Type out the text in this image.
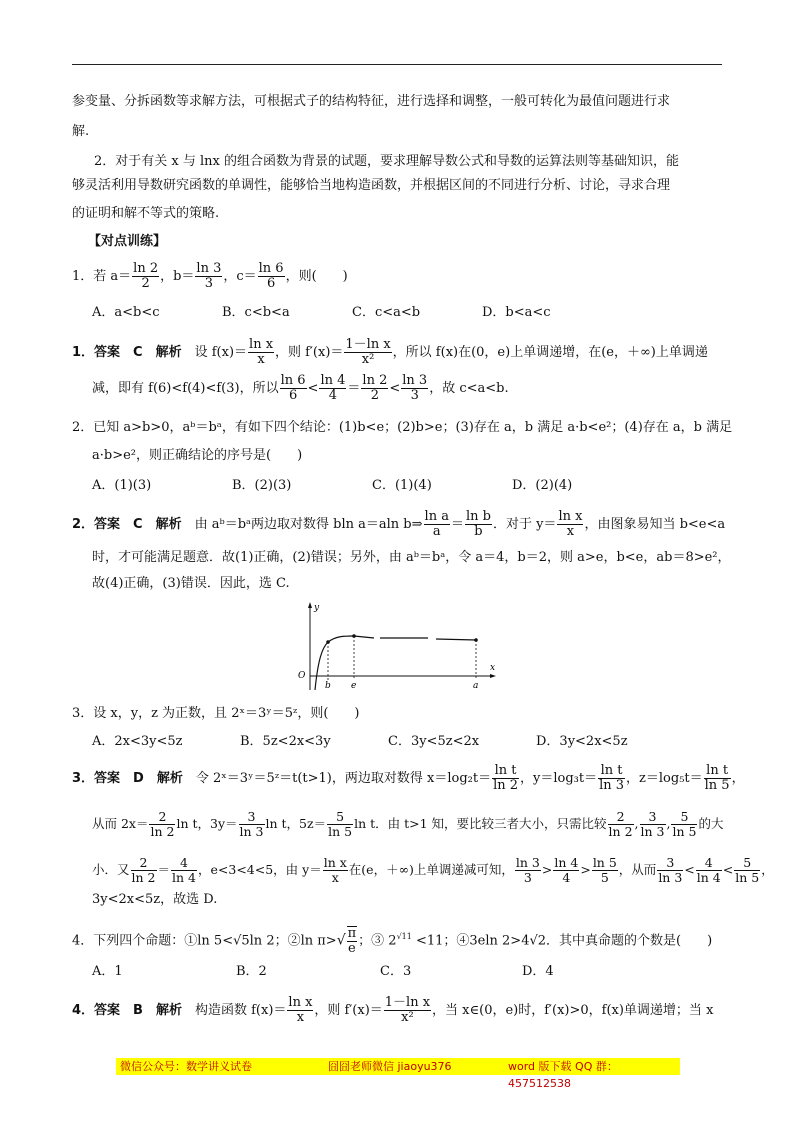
参变量、分拆函数等求解方法，可根据式子的结构特征，进行选择和调整，一般可转化为最值问题进行求
解.
2．对于有关 x 与 lnx 的组合函数为背景的试题，要求理解导数公式和导数的运算法则等基础知识，能
够灵活利用导数研究函数的单调性，能够恰当地构造函数，并根据区间的不同进行分析、讨论，寻求合理
的证明和解不等式的策略.
【对点训练】
1．若 $a= \frac{\ln 2}{2}$ ，$b= \frac{\ln 3}{3}$ ，$c= \frac{\ln 6}{6}$ ，则(　　)
A．a<b<c	B．c<b<a	C．c<a<b	D．b<a<c
1．答案　C　解析　 设 $f(x)= \frac{\text{ln x}}{x}$ ，则 $f'(x)= \frac{\text{1－ln x}}{\text{x²}}$ ，所以 f(x)在(0，e)上单调递增，在(e，＋∞)上单调递
减，即有 f(6)<f(4)<f(3)，所以 $\frac{\ln 6}{6} < \frac{\ln 4}{4} = \frac{\ln 2}{2} < \frac{\ln 3}{3}$ ，故 c<a<b.
2．已知 a>b>0，aᵇ＝bᵃ，有如下四个结论：(1)b<e；(2)b>e；(3)存在 a，b 满足 a·b<e²；(4)存在 a，b 满足
a·b>e²，则正确结论的序号是(　　)
A．(1)(3)	B．(2)(3)	C．(1)(4)	D．(2)(4)
2．答案　C　解析　 由 aᵇ＝bᵃ两边取对数得 bln a＝aln b⇒ $\frac{\text{ln a}}{a} = \frac{\text{ln b}}{b}$ ．对于 $y= \frac{\text{ln x}}{x}$ ，由图象易知当 b<e<a
时，才可能满足题意．故(1)正确，(2)错误；另外，由 aᵇ＝bᵃ，令 a＝4，b＝2，则 a>e，b<e，ab＝8>e²，
故(4)正确，(3)错误．因此，选 C.
y
x
O
b e	a
3．设 x，y，z 为正数，且 2ˣ＝3ʸ＝5ᶻ，则(　　)
A．2x<3y<5z	B．5z<2x<3y	C．3y<5z<2x	D．3y<2x<5z
3．答案　D　解析　 令 2ˣ＝3ʸ＝5ᶻ＝t(t>1)，两边取对数得 $x=\log_2t= \frac{\text{ln t}}{\ln 2}$ ，$y=\log_3t= \frac{\text{ln t}}{\ln 3}$ ，$z=\log_5t= \frac{\text{ln t}}{\ln 5}$ ，
从而 $2x= \frac{2}{\ln 2}$ ln t，$3y= \frac{3}{\ln 3}$ ln t，$5z= \frac{5}{\ln 5}$ ln t．由 t>1 知，要比较三者大小，只需比较 $\frac{2}{\ln 2}$ , $\frac{3}{\ln 3}$ , $\frac{5}{\ln 5}$ 的大
小．又 $\frac{2}{\ln 2} = \frac{4}{\ln 4}$ ，e<3<4<5，由 $y= \frac{\text{ln x}}{x}$ 在(e，＋∞)上单调递减可知， $\frac{\ln 3}{3} > \frac{\ln 4}{4} > \frac{\ln 5}{5}$ ，从而 $\frac{3}{\ln 3} < \frac{4}{\ln 4} < \frac{5}{\ln 5}$ ，
3y<2x<5z，故选 D.
4．下列四个命题：①ln 5<√5ln 2；②ln $\pi>√ \frac{\pi}{e}$ ；③ $2^{√11} <11$；④3eln 2>4√2．其中真命题的个数是(　　)
A．1	B．2	C．3	D．4
4．答案　B　解析　 构造函数 $f(x)= \frac{\text{ln x}}{x}$ ，则 $f'(x)= \frac{\text{1－ln x}}{\text{x²}}$ ，当 x∈(0，e)时，f′(x)>0，f(x)单调递增；当 x
微信公众号：数学讲义试卷	囧囧老师微信 jiaoyu376	word 版下载 QQ 群：457512538
